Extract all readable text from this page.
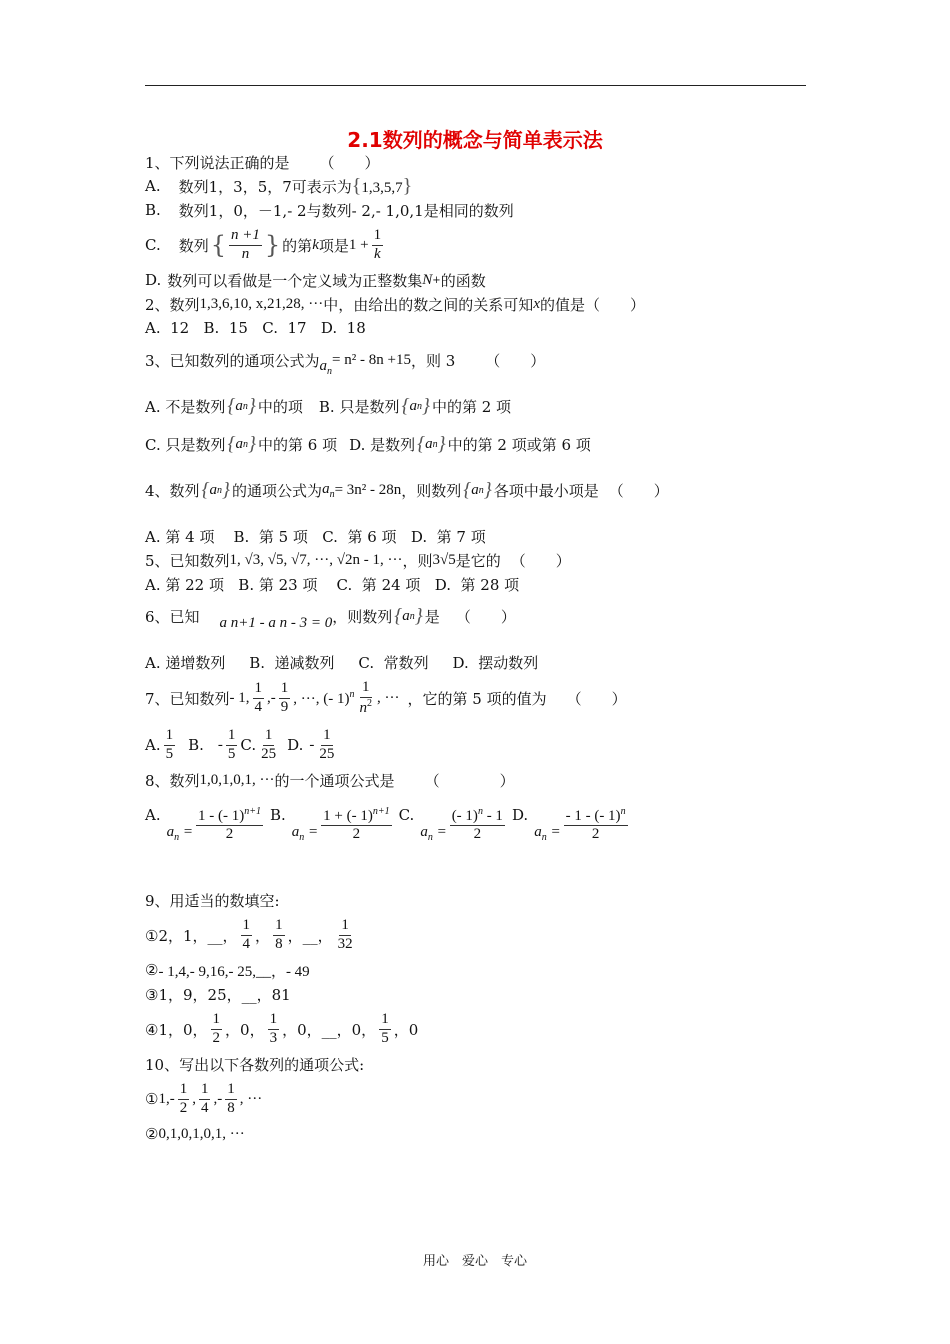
2.1数列的概念与简单表示法
1、下列说法正确的是 （　　）
A. 数列1，3，5，7可表示为 {1,3,5,7}
B. 数列1，0，－1,- 2与数列- 2,- 1,0,1是相同的数列
C. 数列 { $\frac{n +1}{n}$ } 的第 k 项是 $1 + \frac{1}{k}$
D. 数列可以看做是一个定义域为正整数集 N + 的函数
2、数列 1,3,6,10, x,21,28, ··· 中，由给出的数之间的关系可知 x 的值是（　　）
A.  12   B.  15   C.  17   D.  18
3、已知数列的通项公式为 $a_n$
= n² - 8n +15 ，则 3 （　　）
A. 不是数列 { a n } 中的项 B. 只是数列 { a n } 中的第 2 项
C. 只是数列 { a n } 中的第 6 项 D. 是数列 { a n } 中的第 2 项或第 6 项
4、数列 { a n } 的通项公式为 $a_n = 3n^2 - 28n$ ，则数列 { a n } 各项中最小项是 （　　）
A. 第 4 项    B.  第 5 项   C.  第 6 项   D.  第 7 项
5、已知数列 1, √3, √5, √7, ···, √2n - 1, ··· ，则 3√5 是它的 （　　）
A. 第 22 项   B. 第 23 项    C.  第 24 项   D.  第 28 项
6、已知 a n+1 - a n - 3 = 0 ，则数列 { a n } 是 （　　）
A. 递增数列     B.  递减数列     C.  常数列     D.  摆动数列
7、已知数列 - 1, $\frac{1}{4}$ ,- $\frac{1}{9}$ , ···, (- $1)^n \frac{1}{n^2}$ , ··· ，它的第 5 项的值为 （　　）
A. $\frac{1}{5} B$. - $\frac{1}{5} C$. $\frac{1}{25} D$. - $\frac{1}{25}$
8、数列 1,0,1,0,1, ··· 的一个通项公式是 （　　　　）
A.
$a_n = \frac{1 - (- 1)^{n+1}}{2} B$.
$a_n = \frac{1 + (- 1)^{n+1}}{2} C$.
$a_n = \frac{(- 1)^n - 1}{2} D$.
$a_n = \frac{- 1 - (- 1)^n}{2}$
9、用适当的数填空:
①2，1，__， $\frac{1}{4}$ ， $\frac{1}{8}$ ，__， $\frac{1}{32}$
② - 1,4,- 9,16,- 25,__，- 49
③1，9，25，__，81
④1，0， $\frac{1}{2}$ ，0， $\frac{1}{3}$ ，0，__，0， $\frac{1}{5}$ ，0
10、写出以下各数列的通项公式:
① $1,- \frac{1}{2}$ , $\frac{1}{4}$ ,- $\frac{1}{8}$ , ···
② 0,1,0,1,0,1, ···
用心　爱心　专心
